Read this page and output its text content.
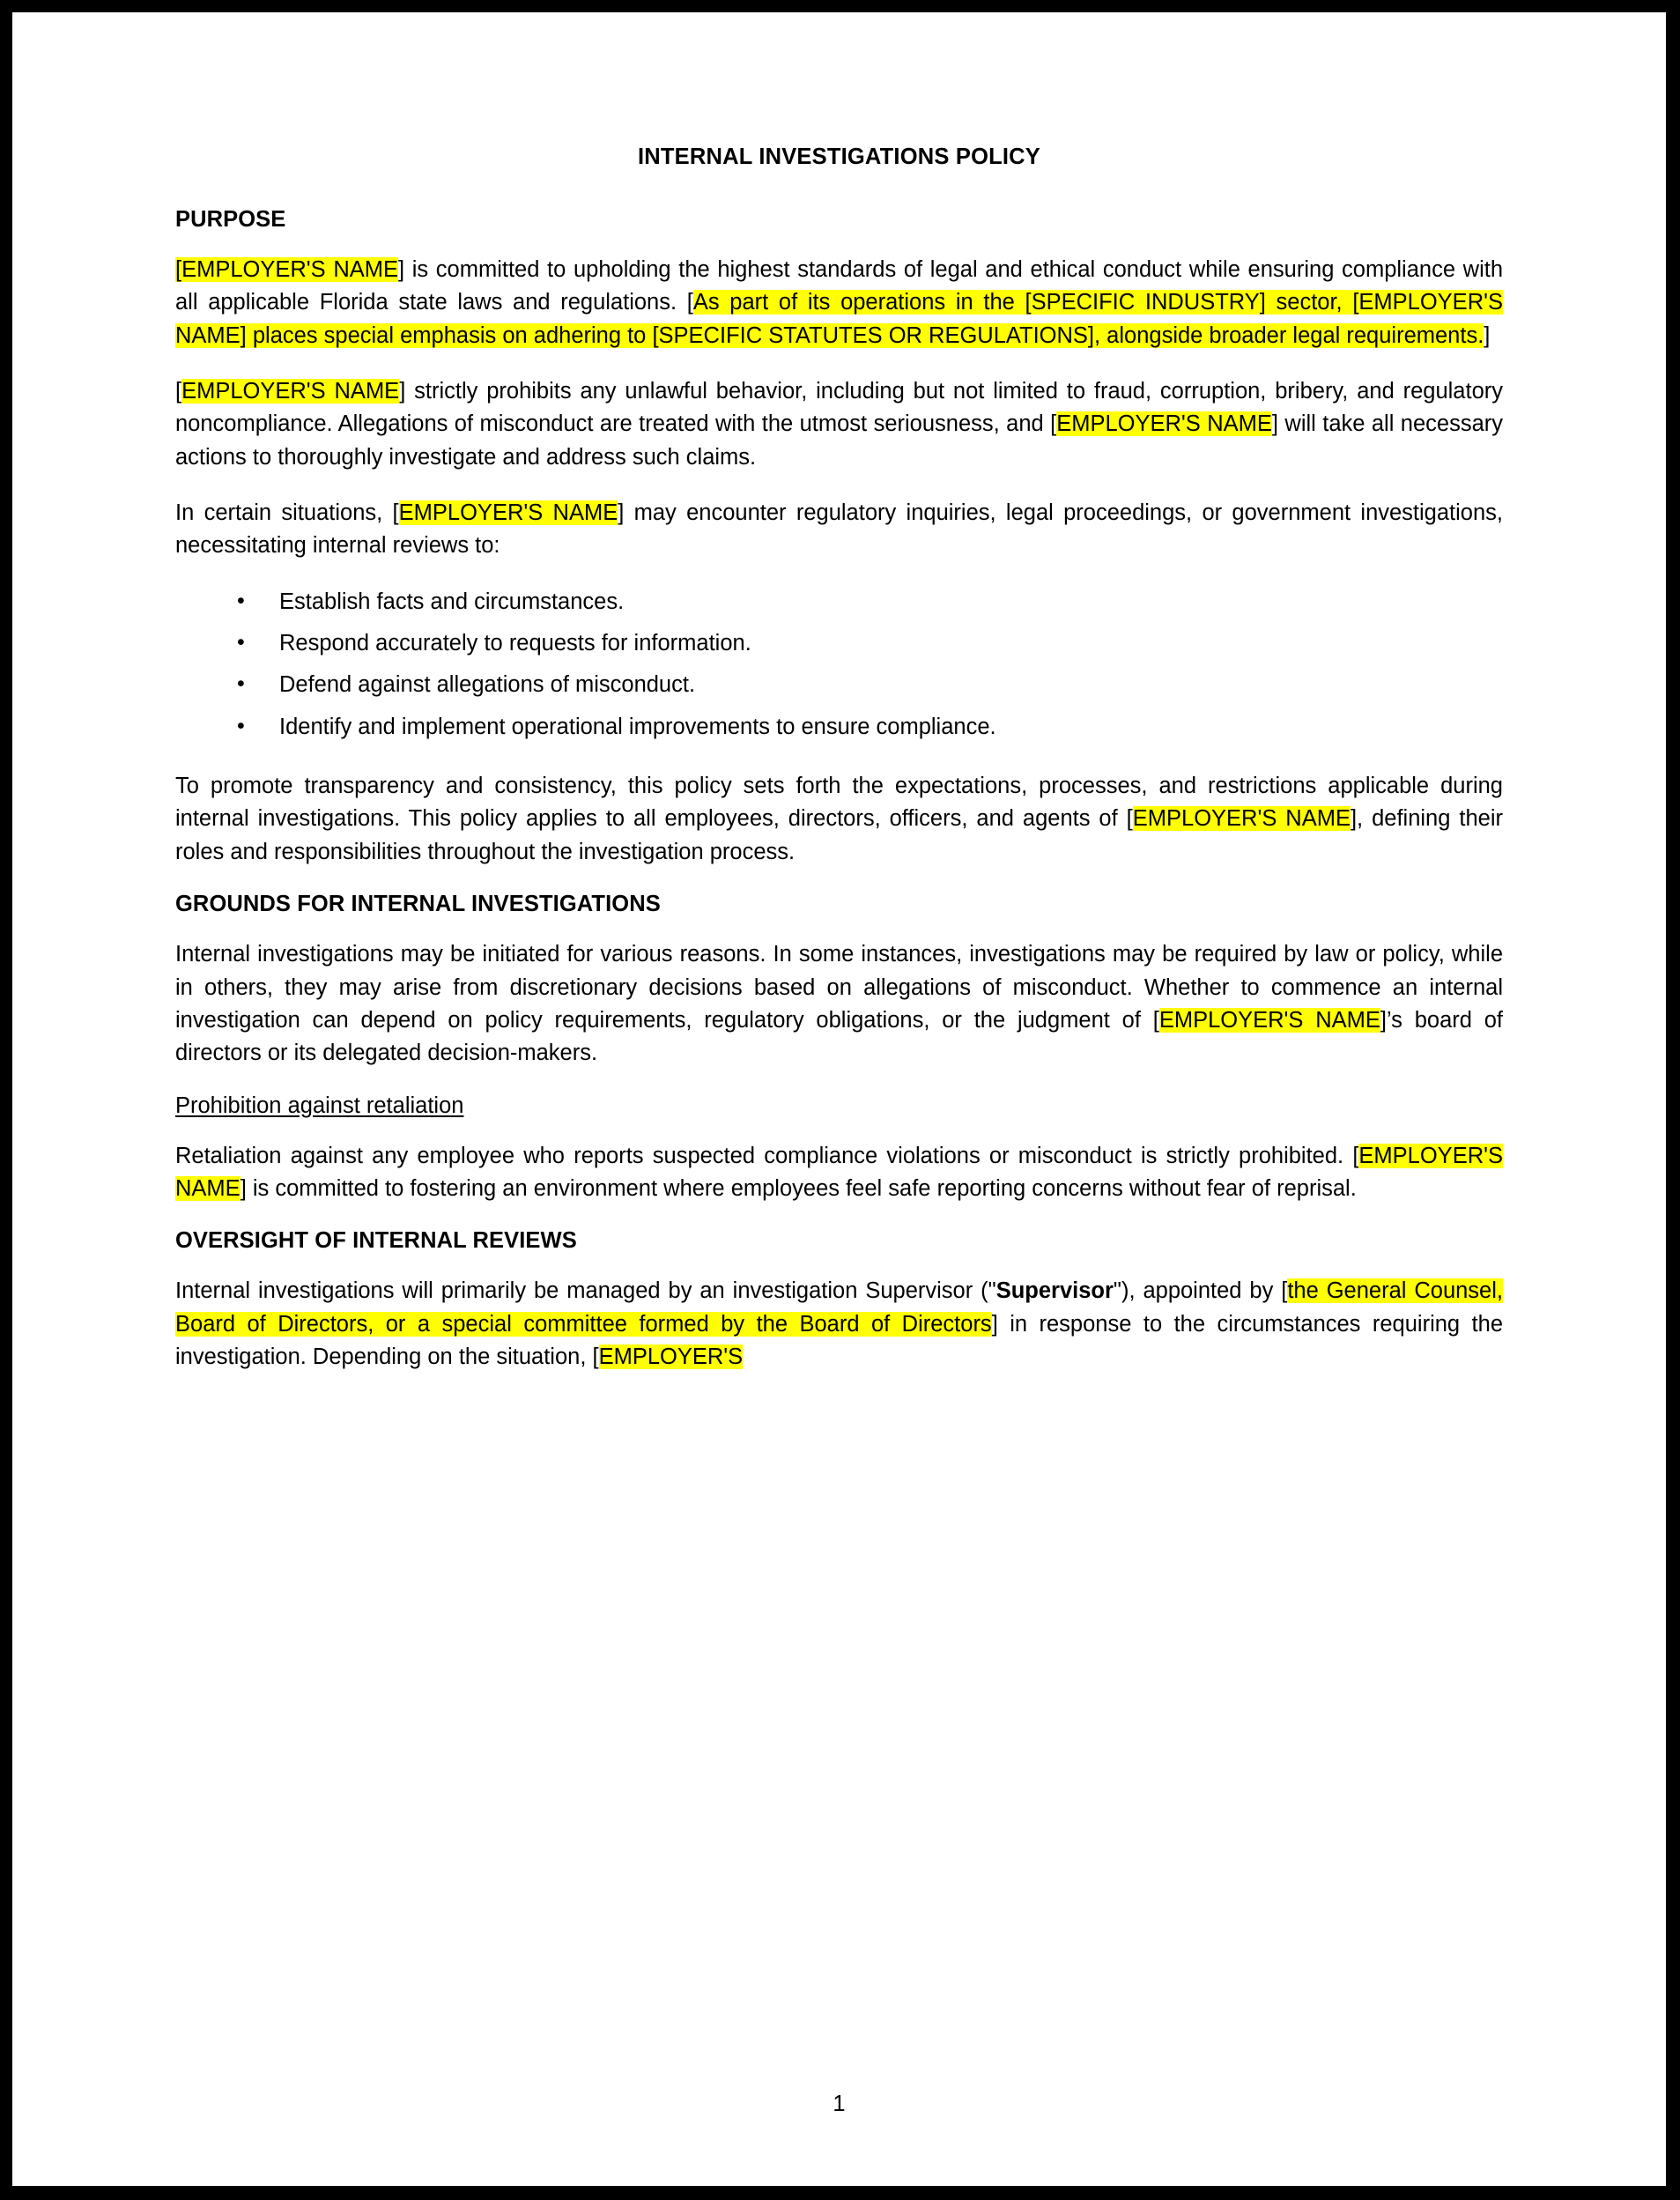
INTERNAL INVESTIGATIONS POLICY
PURPOSE

[EMPLOYER'S NAME] is committed to upholding the highest standards of legal and ethical conduct while ensuring compliance with all applicable Florida state laws and regulations. [As part of its operations in the [SPECIFIC INDUSTRY] sector, [EMPLOYER'S NAME] places special emphasis on adhering to [SPECIFIC STATUTES OR REGULATIONS], alongside broader legal requirements.]

[EMPLOYER'S NAME] strictly prohibits any unlawful behavior, including but not limited to fraud, corruption, bribery, and regulatory noncompliance. Allegations of misconduct are treated with the utmost seriousness, and [EMPLOYER'S NAME] will take all necessary actions to thoroughly investigate and address such claims.

In certain situations, [EMPLOYER'S NAME] may encounter regulatory inquiries, legal proceedings, or government investigations, necessitating internal reviews to:

• Establish facts and circumstances.
• Respond accurately to requests for information.
• Defend against allegations of misconduct.
• Identify and implement operational improvements to ensure compliance.

To promote transparency and consistency, this policy sets forth the expectations, processes, and restrictions applicable during internal investigations. This policy applies to all employees, directors, officers, and agents of [EMPLOYER'S NAME], defining their roles and responsibilities throughout the investigation process.

GROUNDS FOR INTERNAL INVESTIGATIONS

Internal investigations may be initiated for various reasons. In some instances, investigations may be required by law or policy, while in others, they may arise from discretionary decisions based on allegations of misconduct. Whether to commence an internal investigation can depend on policy requirements, regulatory obligations, or the judgment of [EMPLOYER'S NAME]’s board of directors or its delegated decision-makers.

Prohibition against retaliation

Retaliation against any employee who reports suspected compliance violations or misconduct is strictly prohibited. [EMPLOYER'S NAME] is committed to fostering an environment where employees feel safe reporting concerns without fear of reprisal.

OVERSIGHT OF INTERNAL REVIEWS

Internal investigations will primarily be managed by an investigation Supervisor ("Supervisor"), appointed by [the General Counsel, Board of Directors, or a special committee formed by the Board of Directors] in response to the circumstances requiring the investigation. Depending on the situation, [EMPLOYER'S

1
